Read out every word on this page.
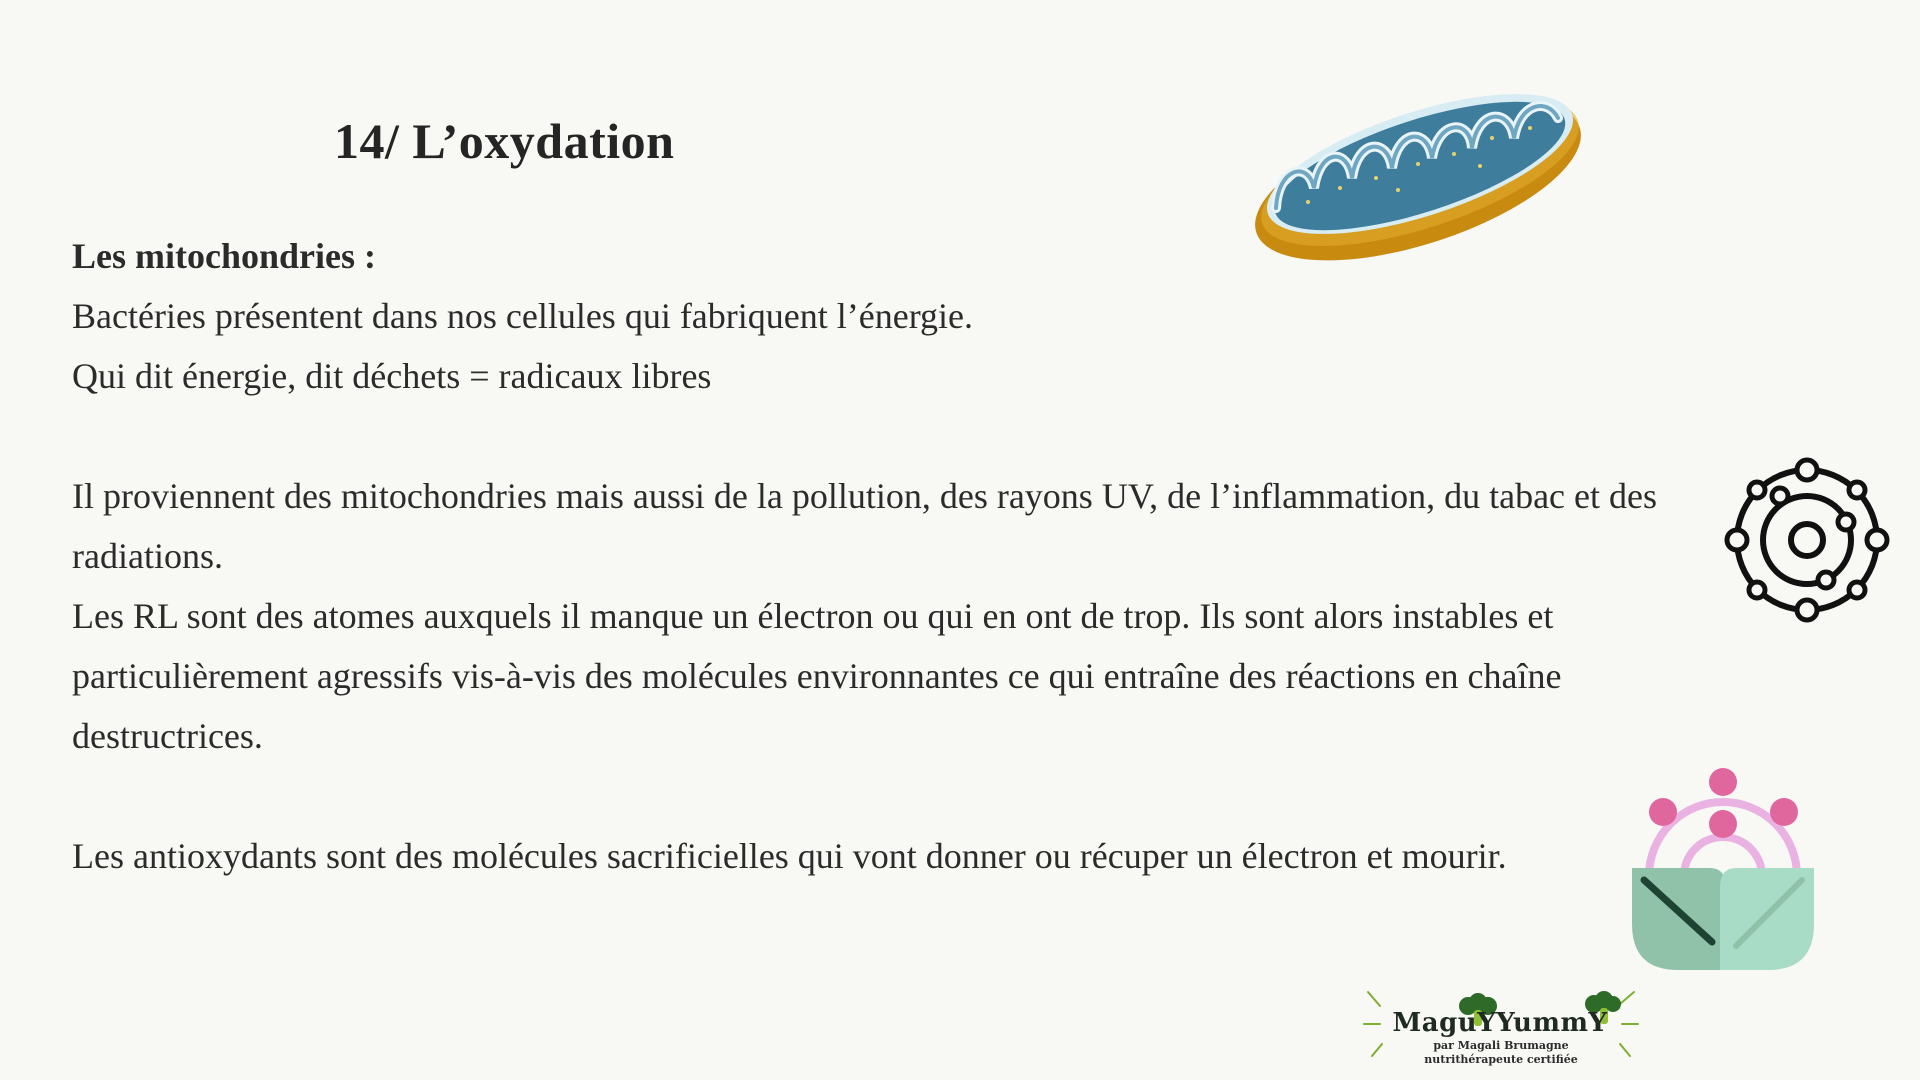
14/ L’oxydation

Les mitochondries :

Bactéries présentent dans nos cellules qui fabriquent l’énergie.

Qui dit énergie, dit déchets = radicaux libres

Il proviennent des mitochondries mais aussi de la pollution, des rayons UV, de l’inflammation, du tabac et des radiations.

Les RL sont des atomes auxquels il manque un électron ou qui en ont de trop. Ils sont alors instables et particulièrement agressifs vis-à-vis des molécules environnantes ce qui entraîne des réactions en chaîne destructrices.

Les antioxydants sont des molécules sacrificielles qui vont donner ou récuper un électron et mourir.

MaguYYummY
par Magali Brumagne
nutrithérapeute certifiée
